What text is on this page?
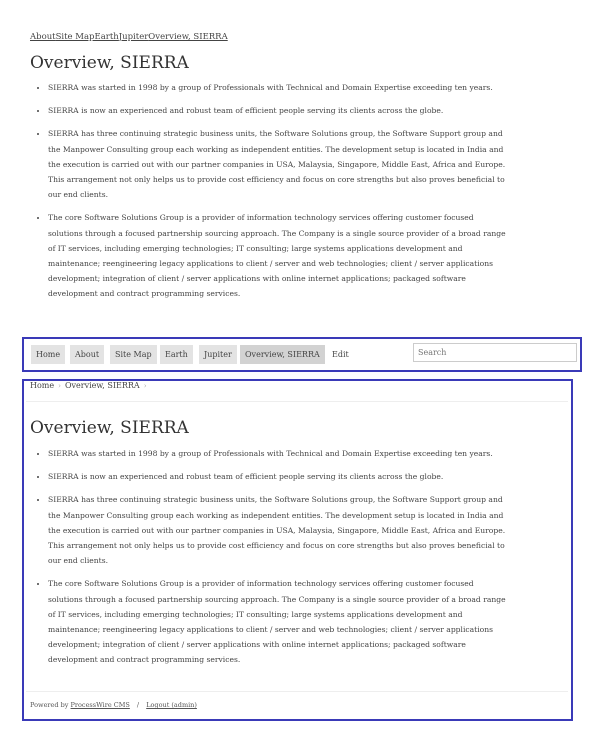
AboutSite MapEarthJupiterOverview, SIERRA
Overview, SIERRA
• SIERRA was started in 1998 by a group of Professionals with Technical and Domain Expertise exceeding ten years.
• SIERRA is now an experienced and robust team of efficient people serving its clients across the globe.
• SIERRA has three continuing strategic business units, the Software Solutions group, the Software Support group and the Manpower Consulting group each working as independent entities. The development setup is located in India and the execution is carried out with our partner companies in USA, Malaysia, Singapore, Middle East, Africa and Europe. This arrangement not only helps us to provide cost efficiency and focus on core strengths but also proves beneficial to our end clients.
• The core Software Solutions Group is a provider of information technology services offering customer focused solutions through a focused partnership sourcing approach. The Company is a single source provider of a broad range of IT services, including emerging technologies; IT consulting; large systems applications development and maintenance; reengineering legacy applications to client / server and web technologies; client / server applications development; integration of client / server applications with online internet applications; packaged software development and contract programming services.
Home	About	Site Map	Earth	Jupiter	Overview, SIERRA	Edit
Search
Home › Overview, SIERRA ›
Overview, SIERRA
• SIERRA was started in 1998 by a group of Professionals with Technical and Domain Expertise exceeding ten years.
• SIERRA is now an experienced and robust team of efficient people serving its clients across the globe.
• SIERRA has three continuing strategic business units, the Software Solutions group, the Software Support group and the Manpower Consulting group each working as independent entities. The development setup is located in India and the execution is carried out with our partner companies in USA, Malaysia, Singapore, Middle East, Africa and Europe. This arrangement not only helps us to provide cost efficiency and focus on core strengths but also proves beneficial to our end clients.
• The core Software Solutions Group is a provider of information technology services offering customer focused solutions through a focused partnership sourcing approach. The Company is a single source provider of a broad range of IT services, including emerging technologies; IT consulting; large systems applications development and maintenance; reengineering legacy applications to client / server and web technologies; client / server applications development; integration of client / server applications with online internet applications; packaged software development and contract programming services.
Powered by ProcessWire CMS / Logout (admin)
